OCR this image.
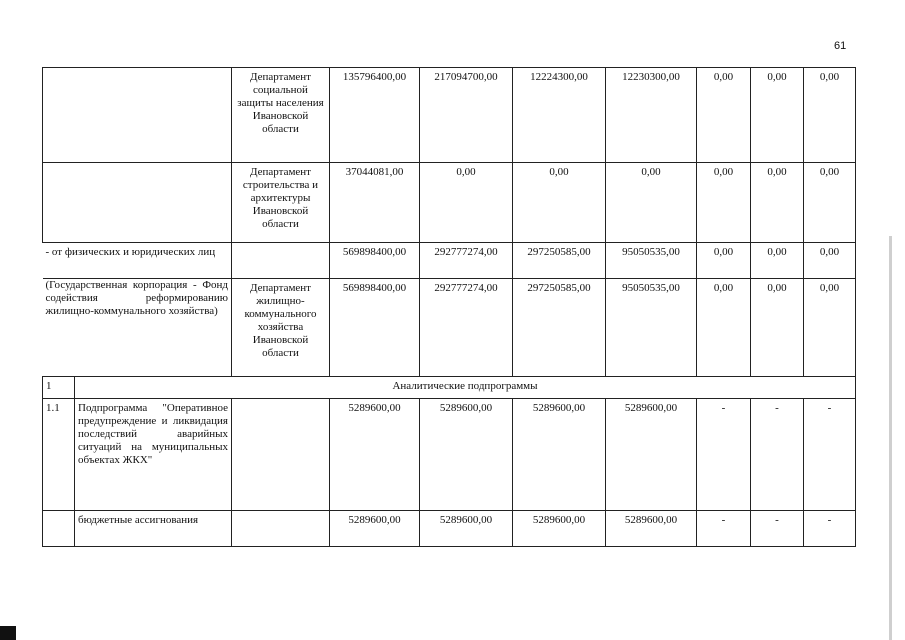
61
		Департамент социальной защиты населения Ивановской области	135796400,00	217094700,00	12224300,00	12230300,00	0,00	0,00	0,00
		Департамент строительства и архитектуры Ивановской области	37044081,00	0,00	0,00	0,00	0,00	0,00	0,00
- от физических и юридических лиц			569898400,00	292777274,00	297250585,00	95050535,00	0,00	0,00	0,00
(Государственная корпорация - Фонд содействия реформированию жилищно-коммунального хозяйства)		Департамент жилищно-коммунального хозяйства Ивановской области	569898400,00	292777274,00	297250585,00	95050535,00	0,00	0,00	0,00
1	Аналитические подпрограммы								
1.1	Подпрограмма "Оперативное предупреждение и ликвидация последствий аварийных ситуаций на муниципальных объектах ЖКХ"		5289600,00	5289600,00	5289600,00	5289600,00	-	-	-
	бюджетные ассигнования		5289600,00	5289600,00	5289600,00	5289600,00	-	-	-
